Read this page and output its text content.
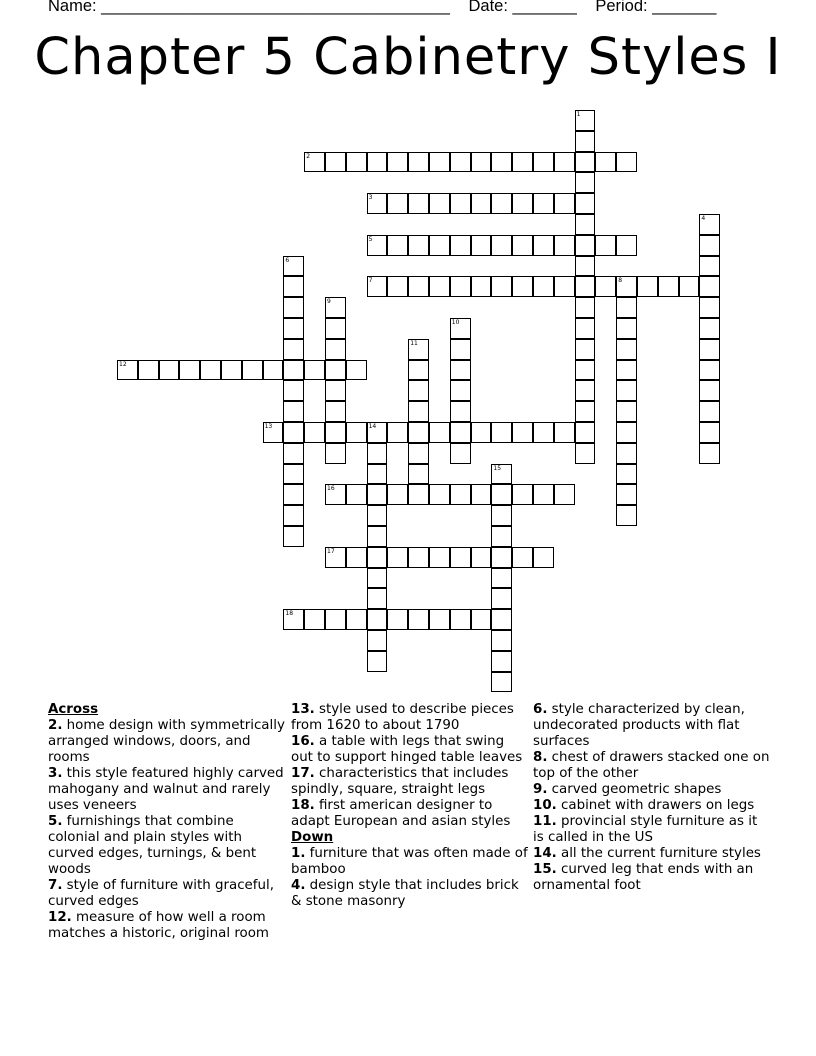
Name: ______________________________________ Date: _______ Period: _______
Chapter 5 Cabinetry Styles I
1
2
3
4
5
6
7	8
9
10
11
12
13	14
15
16
17
18
Across
2. home design with symmetrically arranged windows, doors, and rooms
3. this style featured highly carved mahogany and walnut and rarely uses veneers
5. furnishings that combine colonial and plain styles with curved edges, turnings, & bent woods
7. style of furniture with graceful, curved edges
12. measure of how well a room matches a historic, original room
13. style used to describe pieces from 1620 to about 1790
16. a table with legs that swing out to support hinged table leaves
17. characteristics that includes spindly, square, straight legs
18. first american designer to adapt European and asian styles
Down
1. furniture that was often made of bamboo
4. design style that includes brick & stone masonry
6. style characterized by clean, undecorated products with flat surfaces
8. chest of drawers stacked one on top of the other
9. carved geometric shapes
10. cabinet with drawers on legs
11. provincial style furniture as it is called in the US
14. all the current furniture styles
15. curved leg that ends with an ornamental foot
